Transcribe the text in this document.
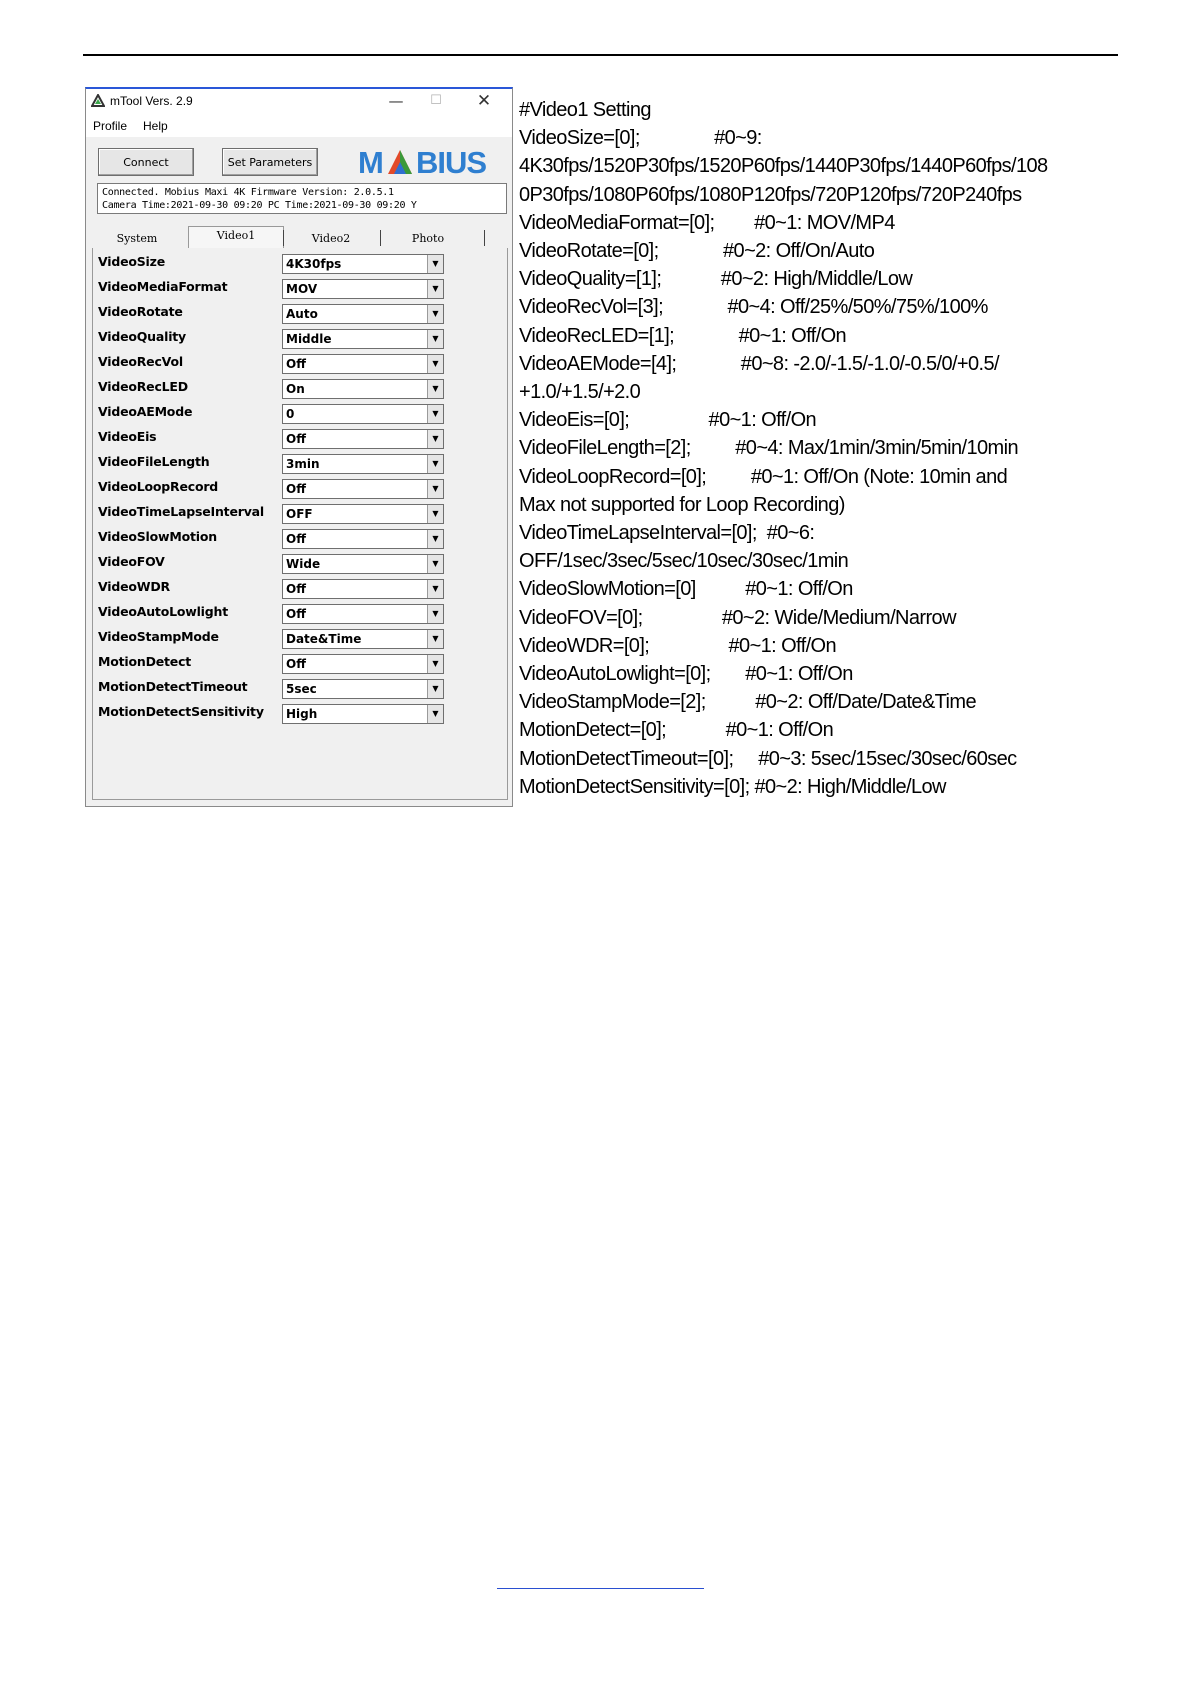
mTool Vers. 2.9	—	☐	✕
Profile Help
Connect	Set Parameters M BIUS
Connected. Mobius Maxi 4K Firmware Version: 2.0.5.1
Camera Time:2021-09-30 09:20 PC Time:2021-09-30 09:20 Y
System	Video1	Video2	Photo
VideoSize	4K30fps	▼
VideoMediaFormat	MOV	▼
VideoRotate	Auto	▼
VideoQuality	Middle	▼
VideoRecVol	Off	▼
VideoRecLED	On	▼
VideoAEMode	0	▼
VideoEis	Off	▼
VideoFileLength	3min	▼
VideoLoopRecord	Off	▼
VideoTimeLapseInterval OFF	▼
VideoSlowMotion	Off	▼
VideoFOV	Wide	▼
VideoWDR	Off	▼
VideoAutoLowlight	Off	▼
VideoStampMode	Date&Time	▼
MotionDetect	Off	▼
MotionDetectTimeout	5sec	▼
MotionDetectSensitivity High	▼
#Video1 Setting
VideoSize=[0];               #0~9:
4K30fps/1520P30fps/1520P60fps/1440P30fps/1440P60fps/108
0P30fps/1080P60fps/1080P120fps/720P120fps/720P240fps
VideoMediaFormat=[0];        #0~1: MOV/MP4
VideoRotate=[0];             #0~2: Off/On/Auto
VideoQuality=[1];            #0~2: High/Middle/Low
VideoRecVol=[3];             #0~4: Off/25%/50%/75%/100%
VideoRecLED=[1];             #0~1: Off/On
VideoAEMode=[4];             #0~8: -2.0/-1.5/-1.0/-0.5/0/+0.5/
+1.0/+1.5/+2.0
VideoEis=[0];                #0~1: Off/On
VideoFileLength=[2];         #0~4: Max/1min/3min/5min/10min
VideoLoopRecord=[0];         #0~1: Off/On (Note: 10min and
Max not supported for Loop Recording)
VideoTimeLapseInterval=[0];  #0~6:
OFF/1sec/3sec/5sec/10sec/30sec/1min
VideoSlowMotion=[0]          #0~1: Off/On
VideoFOV=[0];                #0~2: Wide/Medium/Narrow
VideoWDR=[0];                #0~1: Off/On
VideoAutoLowlight=[0];       #0~1: Off/On
VideoStampMode=[2];          #0~2: Off/Date/Date&Time
MotionDetect=[0];            #0~1: Off/On
MotionDetectTimeout=[0];     #0~3: 5sec/15sec/30sec/60sec
MotionDetectSensitivity=[0]; #0~2: High/Middle/Low
